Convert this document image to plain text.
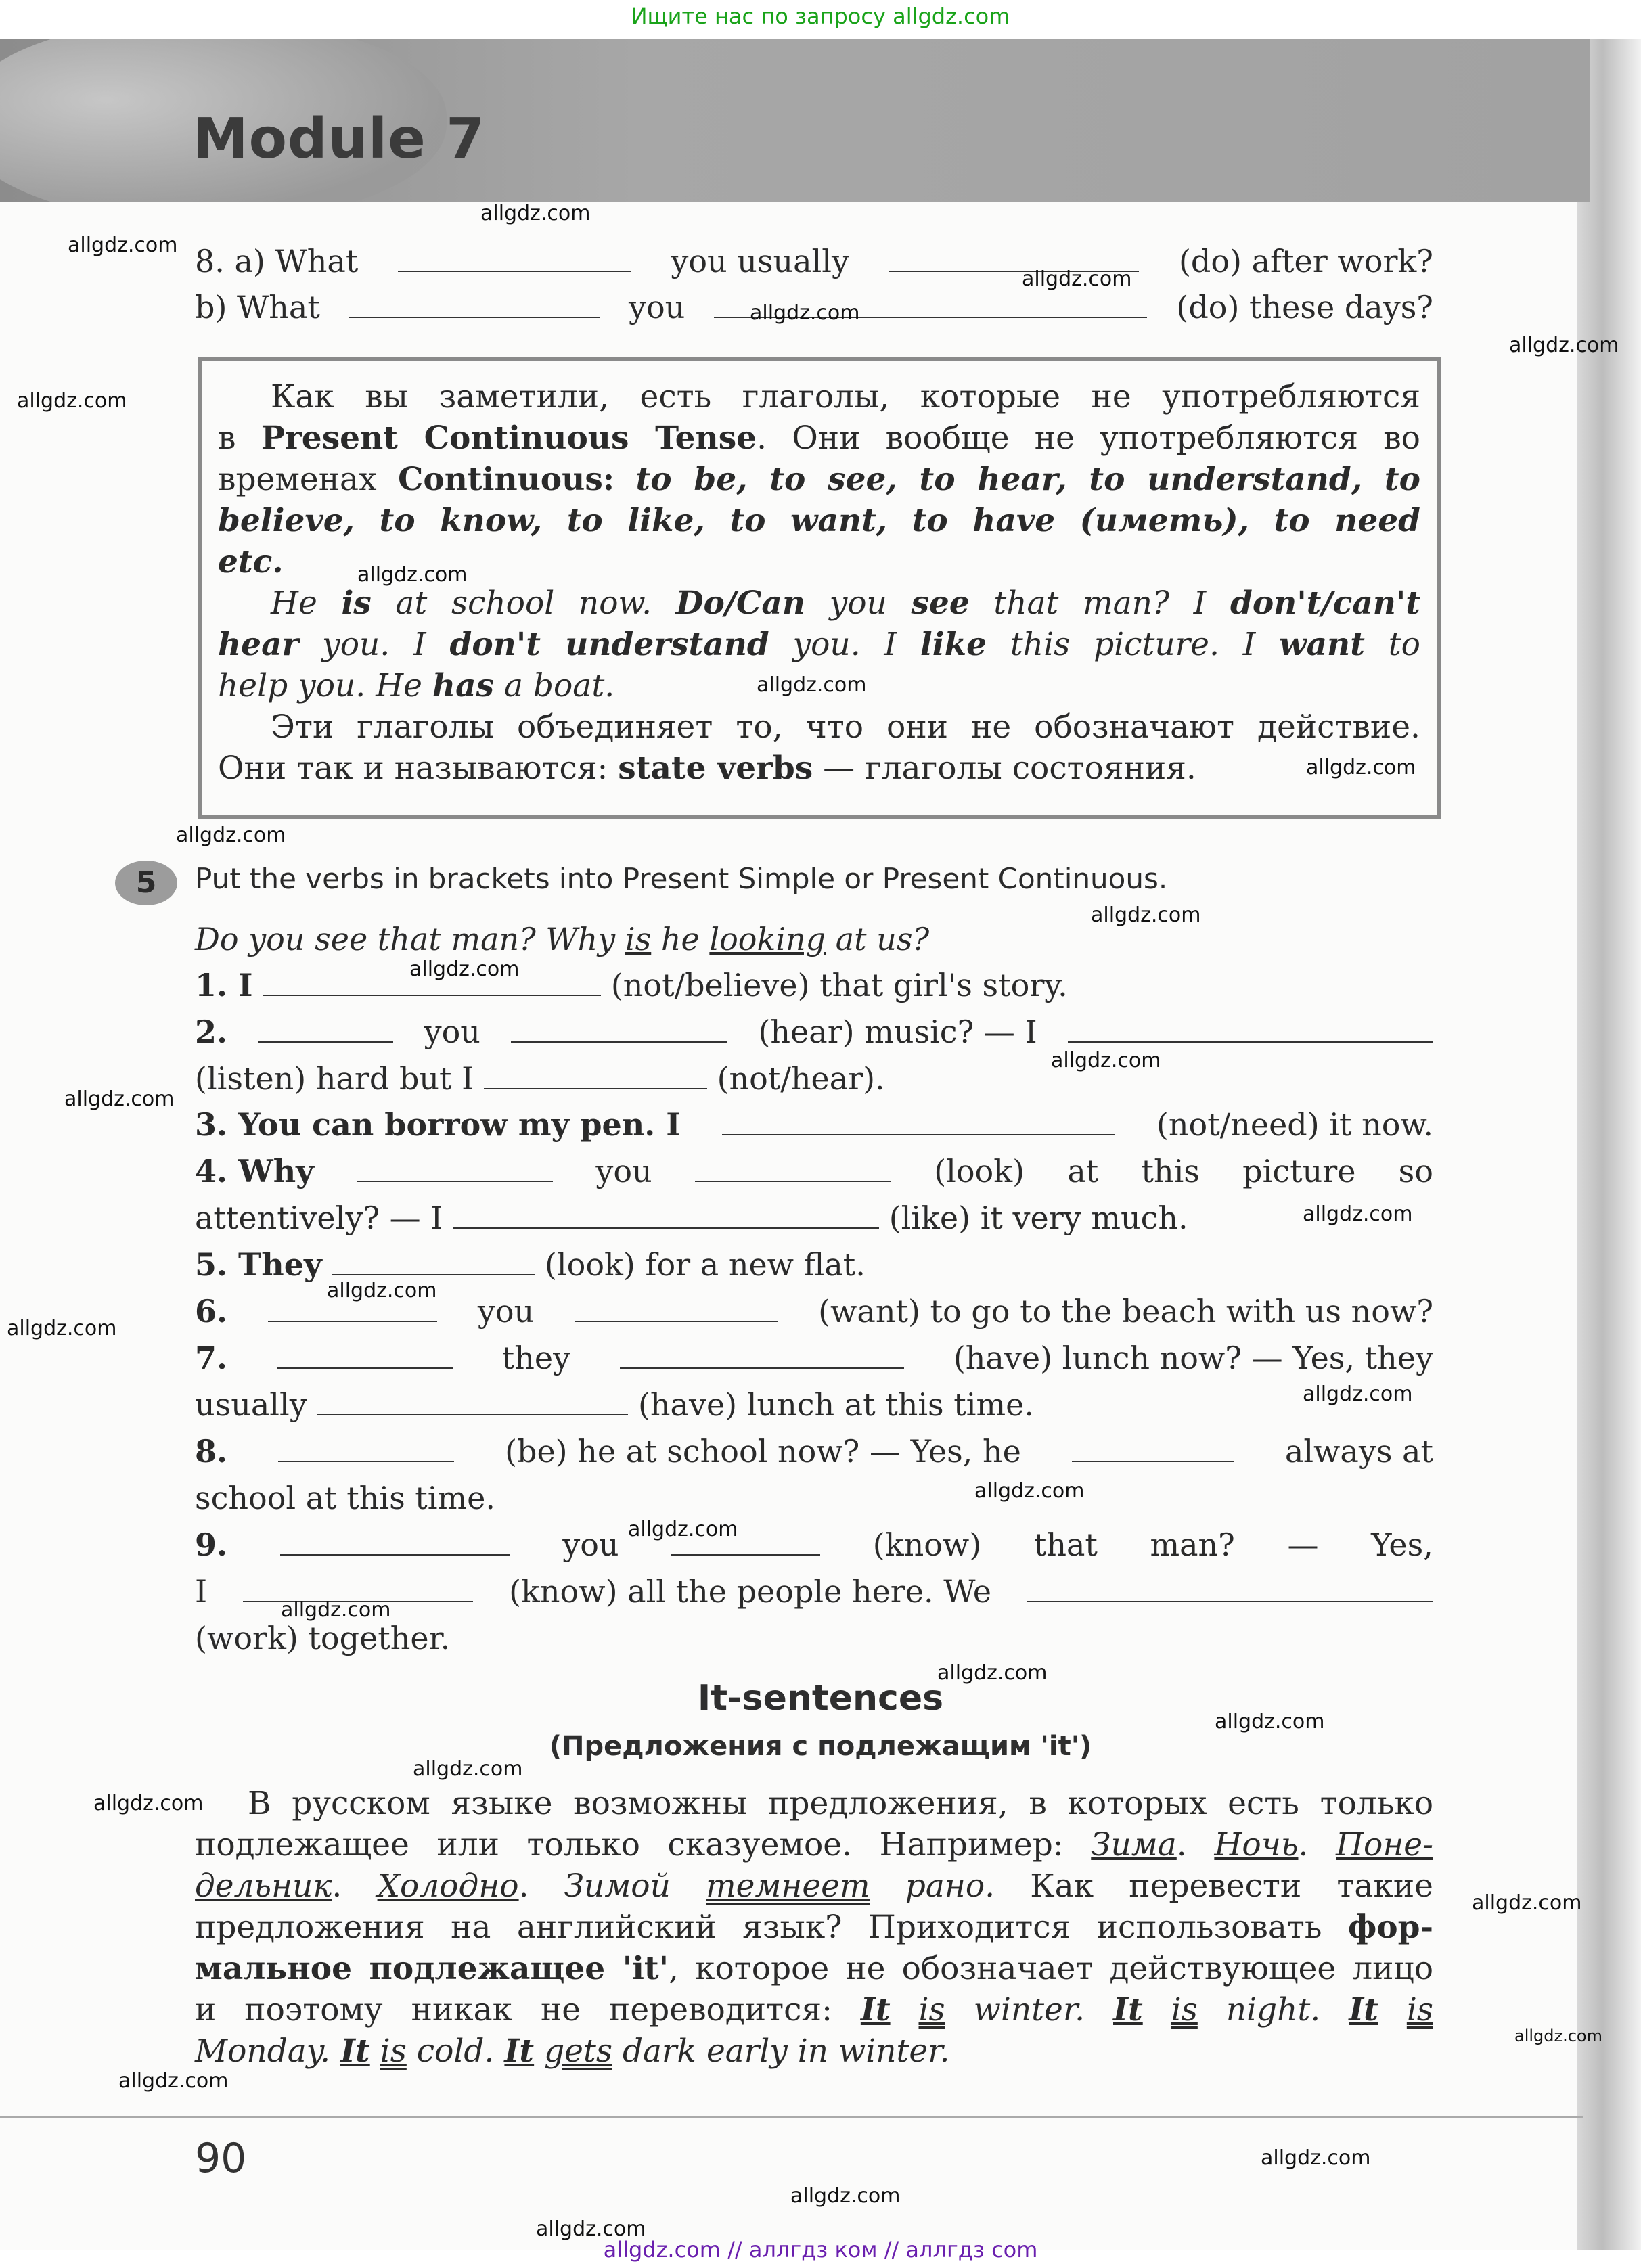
Ищите нас по запросу allgdz.com
Module 7
8. a) What	you usually	(do) after work?
b) What	you	(do) these days?
Как вы заметили, есть глаголы, которые не употребляются
в Present Continuous Tense. Они вообще не употребляются во
временах Continuous: to be, to see, to hear, to understand, to
believe, to know, to like, to want, to have (иметь), to need
etc.
He is at school now. Do/Can you see that man? I don't/can't
hear you. I don't understand you. I like this picture. I want to
help you. He has a boat.
Эти глаголы объединяет то, что они не обозначают действие.
Они так и называются: state verbs — глаголы состояния.
5	Put the verbs in brackets into Present Simple or Present Continuous.
Do you see that man? Why is he looking at us?
1. I	(not/believe) that girl's story.
2.	you	(hear) music? — I
(listen) hard but I	(not/hear).
3. You can borrow my pen. I	(not/need) it now.
4. Why	you	(look) at this picture so
attentively? — I	(like) it very much.
5. They	(look) for a new flat.
6.	you	(want) to go to the beach with us now?
7.	they	(have) lunch now? — Yes, they
usually	(have) lunch at this time.
8.	(be) he at school now? — Yes, he	always at
school at this time.
9.	you	(know) that man? — Yes,
I	(know) all the people here. We
(work) together.
It-sentences
(Предложения с подлежащим 'it')
В русском языке возможны предложения, в которых есть только
подлежащее или только сказуемое. Например: Зима. Ночь. Поне-
дельник. Холодно. Зимой темнеет рано. Как перевести такие
предложения на английский язык? Приходится использовать фор-
мальное подлежащее 'it', которое не обозначает действующее лицо
и поэтому никак не переводится: It is winter. It is night. It is
Monday. It is cold. It gets dark early in winter.
90
allgdz.com
allgdz.com
allgdz.com
allgdz.com
allgdz.com
allgdz.com
allgdz.com
allgdz.com
allgdz.com
allgdz.com
allgdz.com
allgdz.com
allgdz.com
allgdz.com
allgdz.com
allgdz.com
allgdz.com
allgdz.com
allgdz.com
allgdz.com
allgdz.com
allgdz.com
allgdz.com
allgdz.com
allgdz.com
allgdz.com
allgdz.com
allgdz.com
allgdz.com
allgdz.com
allgdz.com
allgdz.com // аллгдз ком // аллгдз com
